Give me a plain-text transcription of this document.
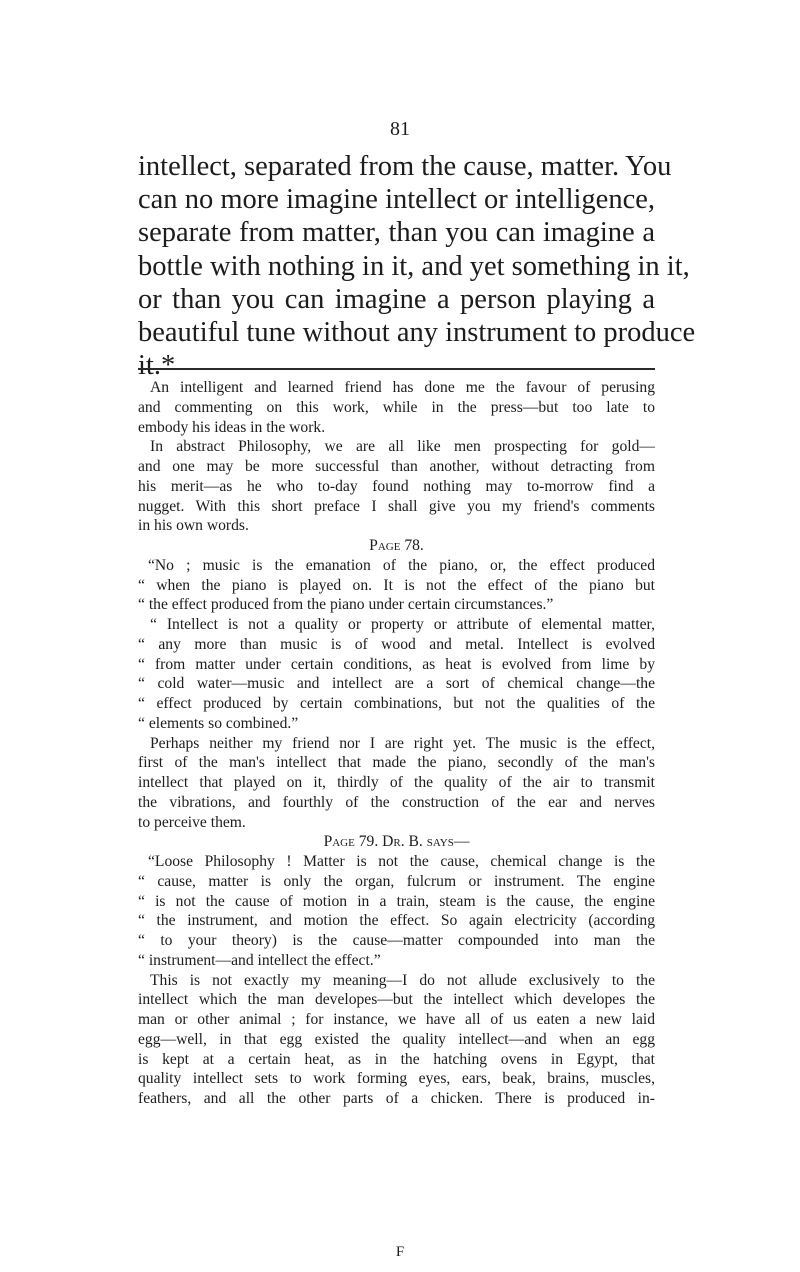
81
intellect, separated from the cause, matter. You
can no more imagine intellect or intelligence,
separate from matter, than you can imagine a
bottle with nothing in it, and yet something in it,
or than you can imagine a person playing a
beautiful tune without any instrument to produce
it.*
An intelligent and learned friend has done me the favour of perusing
and commenting on this work, while in the press—but too late to
embody his ideas in the work.
In abstract Philosophy, we are all like men prospecting for gold—
and one may be more successful than another, without detracting from
his merit—as he who to-day found nothing may to-morrow find a
nugget. With this short preface I shall give you my friend's comments
in his own words.
Page 78.
“No ; music is the emanation of the piano, or, the effect produced
“ when the piano is played on. It is not the effect of the piano but
“ the effect produced from the piano under certain circumstances.”
“ Intellect is not a quality or property or attribute of elemental matter,
“ any more than music is of wood and metal. Intellect is evolved
“ from matter under certain conditions, as heat is evolved from lime by
“ cold water—music and intellect are a sort of chemical change—the
“ effect produced by certain combinations, but not the qualities of the
“ elements so combined.”
Perhaps neither my friend nor I are right yet. The music is the effect,
first of the man's intellect that made the piano, secondly of the man's
intellect that played on it, thirdly of the quality of the air to transmit
the vibrations, and fourthly of the construction of the ear and nerves
to perceive them.
Page 79. Dr. B. says—
“Loose Philosophy ! Matter is not the cause, chemical change is the
“ cause, matter is only the organ, fulcrum or instrument. The engine
“ is not the cause of motion in a train, steam is the cause, the engine
“ the instrument, and motion the effect. So again electricity (according
“ to your theory) is the cause—matter compounded into man the
“ instrument—and intellect the effect.”
This is not exactly my meaning—I do not allude exclusively to the
intellect which the man developes—but the intellect which developes the
man or other animal ; for instance, we have all of us eaten a new laid
egg—well, in that egg existed the quality intellect—and when an egg
is kept at a certain heat, as in the hatching ovens in Egypt, that
quality intellect sets to work forming eyes, ears, beak, brains, muscles,
feathers, and all the other parts of a chicken. There is produced in-
F
